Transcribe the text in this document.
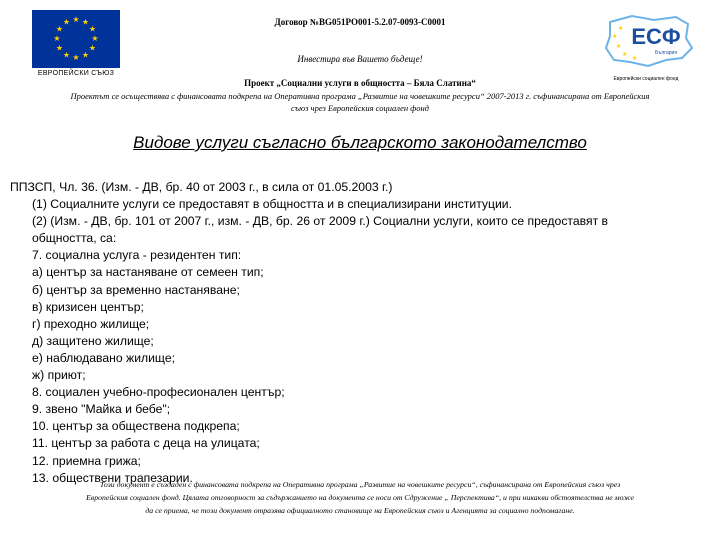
★ ★
★
★
★
★
★
★
★
★
★
★
ЕВРОПЕЙСКИ СЪЮЗ
★
★
★
★
★ ЕСФ
България
Европейски социален фонд
Договор №BG051PO001-5.2.07-0093-C0001
Инвестира във Вашето бъдеще!
Проект „Социални услуги в общността – Бяла Слатина“
Проектът се осъществява с финансовата подкрепа на Оперативна програма „Развитие на човешките ресурси“ 2007-2013 г. съфинансирана от Европейския
съюз чрез Европейския социален фонд
Видове услуги съгласно българското законодателство
ППЗСП, Чл. 36. (Изм. - ДВ, бр. 40 от 2003 г., в сила от 01.05.2003 г.)
(1) Социалните услуги се предоставят в общността и в специализирани институции.
(2) (Изм. - ДВ, бр. 101 от 2007 г., изм. - ДВ, бр. 26 от 2009 г.) Социални услуги, които се предоставят в
общността, са:
7. социална услуга - резидентен тип:
а) център за настаняване от семеен тип;
б) център за временно настаняване;
в) кризисен център;
г) преходно жилище;
д) защитено жилище;
е) наблюдавано жилище;
ж) приют;
8. социален учебно-професионален център;
9. звено "Майка и бебе";
10. център за обществена подкрепа;
11. център за работа с деца на улицата;
12. приемна грижа;
13. обществени трапезарии.
Този документ е създаден с финансовата подкрепа на Оперативна програма „Развитие на човешките ресурси“, съфинансирана от Европейския съюз чрез
Европейския социален фонд. Цялата отговорност за съдържанието на документа се носи от Сдружение „ Перспектива“, и при никакви обстоятелства не може
да се приема, че този документ отразява официалното становище на Европейския съюз и Агенцията за социално подпомагане.
